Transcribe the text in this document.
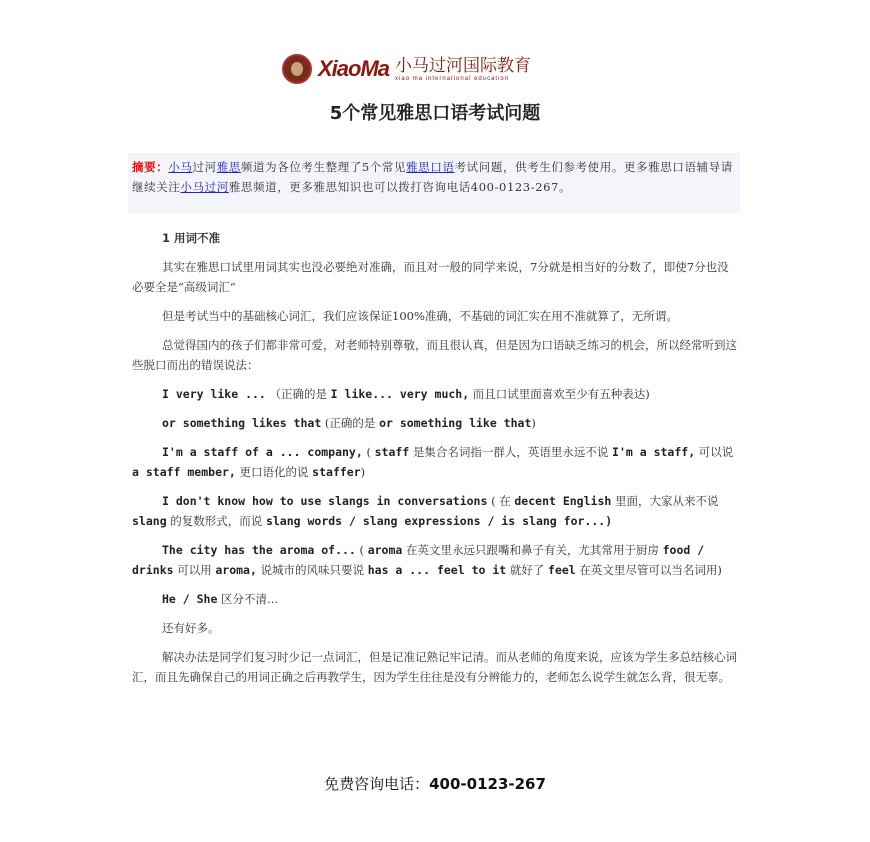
XiaoMa 小马过河国际教育
xiao ma international education
5个常见雅思口语考试问题
摘要：小马过河雅思频道为各位考生整理了5个常见雅思口语考试问题，供考生们参考使用。更多雅思口语辅导请继续关注小马过河雅思频道，更多雅思知识也可以拨打咨询电话400-0123-267。

1 用词不准

其实在雅思口试里用词其实也没必要绝对准确，而且对一般的同学来说，7分就是相当好的分数了，即使7分也没必要全是“高级词汇“

但是考试当中的基础核心词汇，我们应该保证100%准确，不基础的词汇实在用不准就算了，无所谓。

总觉得国内的孩子们都非常可爱，对老师特别尊敬，而且很认真，但是因为口语缺乏练习的机会，所以经常听到这些脱口而出的错误说法：

I very like ... （正确的是 I like... very much, 而且口试里面喜欢至少有五种表达)

or something likes that (正确的是 or something like that)

I'm a staff of a ... company, ( staff 是集合名词指一群人，英语里永远不说 I'm a staff, 可以说 a staff member, 更口语化的说 staffer)

I don't know how to use slangs in conversations ( 在 decent English 里面，大家从来不说 slang 的复数形式，而说 slang words / slang expressions / is slang for...)

The city has the aroma of... ( aroma 在英文里永远只跟嘴和鼻子有关，尤其常用于厨房 food / drinks 可以用 aroma, 说城市的风味只要说 has a ... feel to it 就好了 feel 在英文里尽管可以当名词用)

He / She 区分不清...

还有好多。

解决办法是同学们复习时少记一点词汇，但是记准记熟记牢记清。而从老师的角度来说，应该为学生多总结核心词汇，而且先确保自己的用词正确之后再教学生，因为学生往往是没有分辨能力的，老师怎么说学生就怎么背，很无辜。

免费咨询电话：400-0123-267
